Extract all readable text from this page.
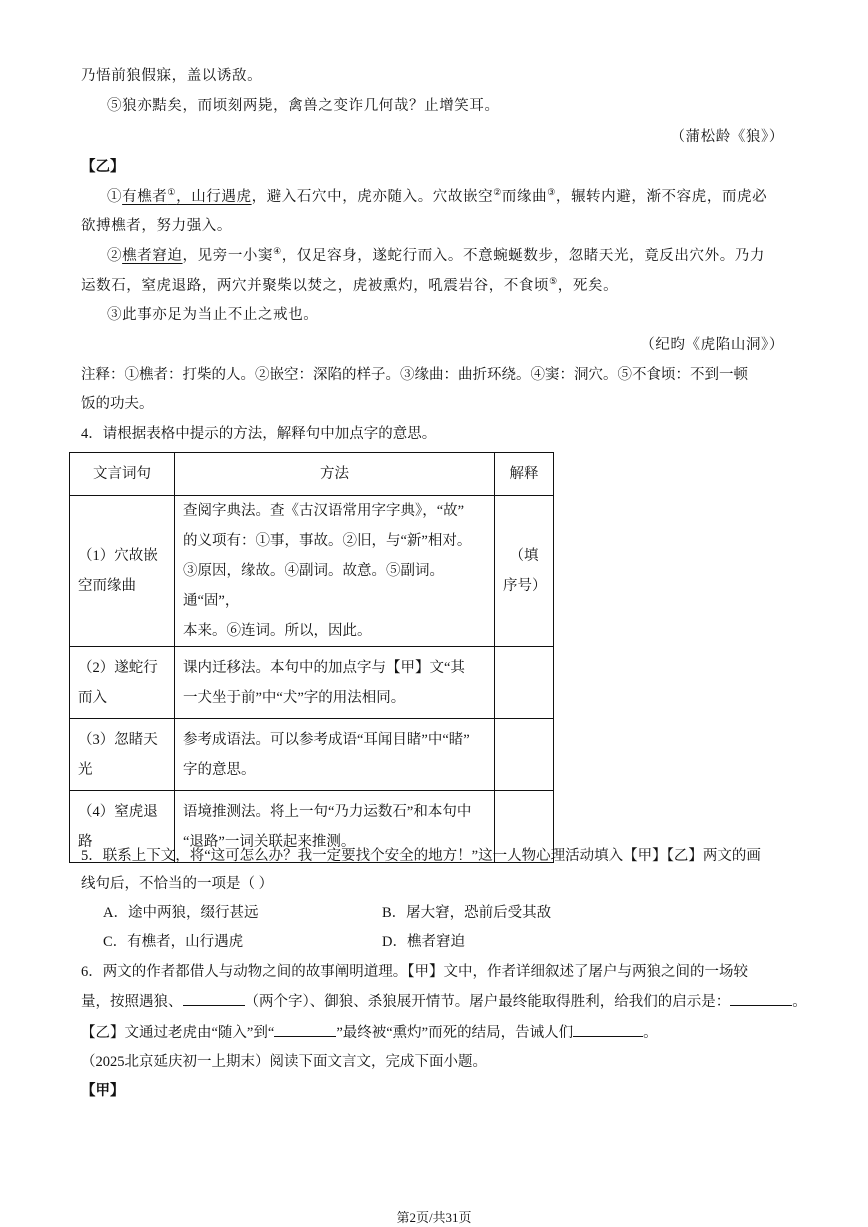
乃悟前狼假寐，盖以诱敌。
⑤狼亦黠矣，而顷刻两毙，禽兽之变诈几何哉？止增笑耳。
（蒲松龄《狼》）
【乙】
①有樵者①，山行遇虎，避入石穴中，虎亦随入。穴故嵌空②而缘曲③，辗转内避，渐不容虎，而虎必
欲搏樵者，努力强入。
②樵者窘迫，见旁一小窦④，仅足容身，遂蛇行而入。不意蜿蜒数步，忽睹天光，竟反出穴外。乃力
运数石，窒虎退路，两穴并聚柴以焚之，虎被熏灼，吼震岩谷，不食顷⑤，死矣。
③此事亦足为当止不止之戒也。
（纪昀《虎陷山洞》）
注释：①樵者：打柴的人。②嵌空：深陷的样子。③缘曲：曲折环绕。④窦：洞穴。⑤不食顷：不到一顿
饭的功夫。
4．请根据表格中提示的方法，解释句中加点字的意思。
文言词句	方法	解释
（1）穴故嵌
空而缘曲	查阅字典法。查《古汉语常用字字典》，“故”
的义项有：①事，事故。②旧，与“新”相对。
③原因，缘故。④副词。故意。⑤副词。通“固”，
本来。⑥连词。所以，因此。	（填
序号）
（2）遂蛇行
而入	课内迁移法。本句中的加点字与【甲】文“其
一犬坐于前”中“犬”字的用法相同。	
（3）忽睹天
光	参考成语法。可以参考成语“耳闻目睹”中“睹”
字的意思。	
（4）窒虎退
路	语境推测法。将上一句“乃力运数石”和本句中
“退路”一词关联起来推测。	
5．联系上下文，将“这可怎么办？我一定要找个安全的地方！”这一人物心理活动填入【甲】【乙】两文的画
线句后，不恰当的一项是（ ）
A．途中两狼，缀行甚远	B．屠大窘，恐前后受其敌
C．有樵者，山行遇虎	D．樵者窘迫
6．两文的作者都借人与动物之间的故事阐明道理。【甲】文中，作者详细叙述了屠户与两狼之间的一场较
量，按照遇狼、	（两个字）、御狼、杀狼展开情节。屠户最终能取得胜利，给我们的启示是：	。
【乙】文通过老虎由“随入”到“	”最终被“熏灼”而死的结局，告诫人们	。
（2025北京延庆初一上期末）阅读下面文言文，完成下面小题。
【甲】
第2页/共31页
